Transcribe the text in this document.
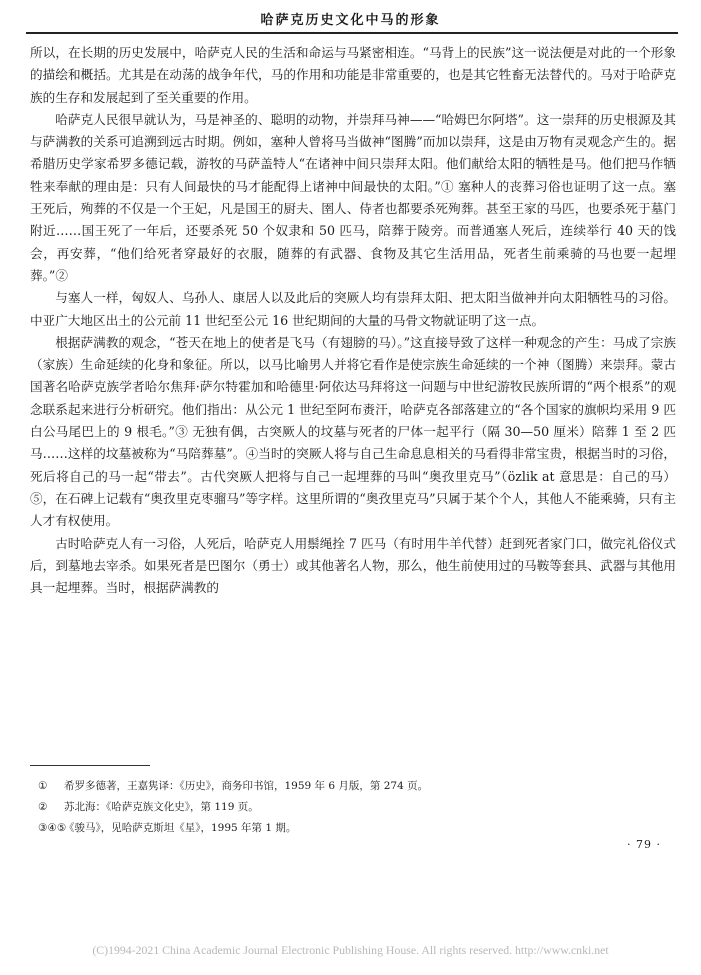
哈萨克历史文化中马的形象

所以，在长期的历史发展中，哈萨克人民的生活和命运与马紧密相连。“马背上的民族”这一说法便是对此的一个形象的描绘和概括。尤其是在动荡的战争年代，马的作用和功能是非常重要的，也是其它牲畜无法替代的。马对于哈萨克族的生存和发展起到了至关重要的作用。

哈萨克人民很早就认为，马是神圣的、聪明的动物，并崇拜马神——“哈姆巴尔阿塔”。这一崇拜的历史根源及其与萨满教的关系可追溯到远古时期。例如，塞种人曾将马当做神“图腾”而加以崇拜，这是由万物有灵观念产生的。据希腊历史学家希罗多德记载，游牧的马萨盖特人“在诸神中间只崇拜太阳。他们献给太阳的牺牲是马。他们把马作牺牲来奉献的理由是：只有人间最快的马才能配得上诸神中间最快的太阳。”① 塞种人的丧葬习俗也证明了这一点。塞王死后，殉葬的不仅是一个王妃，凡是国王的厨夫、圉人、侍者也都要杀死殉葬。甚至王家的马匹，也要杀死于墓门附近……国王死了一年后，还要杀死 50 个奴隶和 50 匹马，陪葬于陵旁。而普通塞人死后，连续举行 40 天的饯会，再安葬，“他们给死者穿最好的衣服，随葬的有武器、食物及其它生活用品，死者生前乘骑的马也要一起埋葬。”②

与塞人一样，匈奴人、乌孙人、康居人以及此后的突厥人均有崇拜太阳、把太阳当做神并向太阳牺牲马的习俗。中亚广大地区出土的公元前 11 世纪至公元 16 世纪期间的大量的马骨文物就证明了这一点。

根据萨满教的观念，“苍天在地上的使者是飞马（有翅膀的马）。”这直接导致了这样一种观念的产生：马成了宗族（家族）生命延续的化身和象征。所以，以马比喻男人并将它看作是使宗族生命延续的一个神（图腾）来崇拜。蒙古国著名哈萨克族学者哈尔焦拜·萨尔特霍加和哈德里·阿依达马拜将这一问题与中世纪游牧民族所谓的“两个根系”的观念联系起来进行分析研究。他们指出：从公元 1 世纪至阿布赉汗，哈萨克各部落建立的“各个国家的旗帜均采用 9 匹白公马尾巴上的 9 根毛。”③ 无独有偶，古突厥人的坟墓与死者的尸体一起平行（隔 30—50 厘米）陪葬 1 至 2 匹马……这样的坟墓被称为“马陪葬墓”。④当时的突厥人将与自己生命息息相关的马看得非常宝贵，根据当时的习俗，死后将自己的马一起“带去”。古代突厥人把将与自己一起埋葬的马叫“奥孜里克马”（özlik at 意思是：自己的马）⑤，在石碑上记载有“奥孜里克枣骝马”等字样。这里所谓的“奥孜里克马”只属于某个个人，其他人不能乘骑，只有主人才有权使用。

古时哈萨克人有一习俗，人死后，哈萨克人用鬃绳拴 7 匹马（有时用牛羊代替）赶到死者家门口，做完礼俗仪式后，到墓地去宰杀。如果死者是巴图尔（勇士）或其他著名人物，那么，他生前使用过的马鞍等套具、武器与其他用具一起埋葬。当时，根据萨满教的

① 希罗多德著，王嘉隽译：《历史》，商务印书馆，1959 年 6 月版，第 274 页。
② 苏北海：《哈萨克族文化史》，第 119 页。
③④⑤《骏马》，见哈萨克斯坦《星》，1995 年第 1 期。
· 79 ·
(C)1994-2021 China Academic Journal Electronic Publishing House. All rights reserved. http://www.cnki.net
